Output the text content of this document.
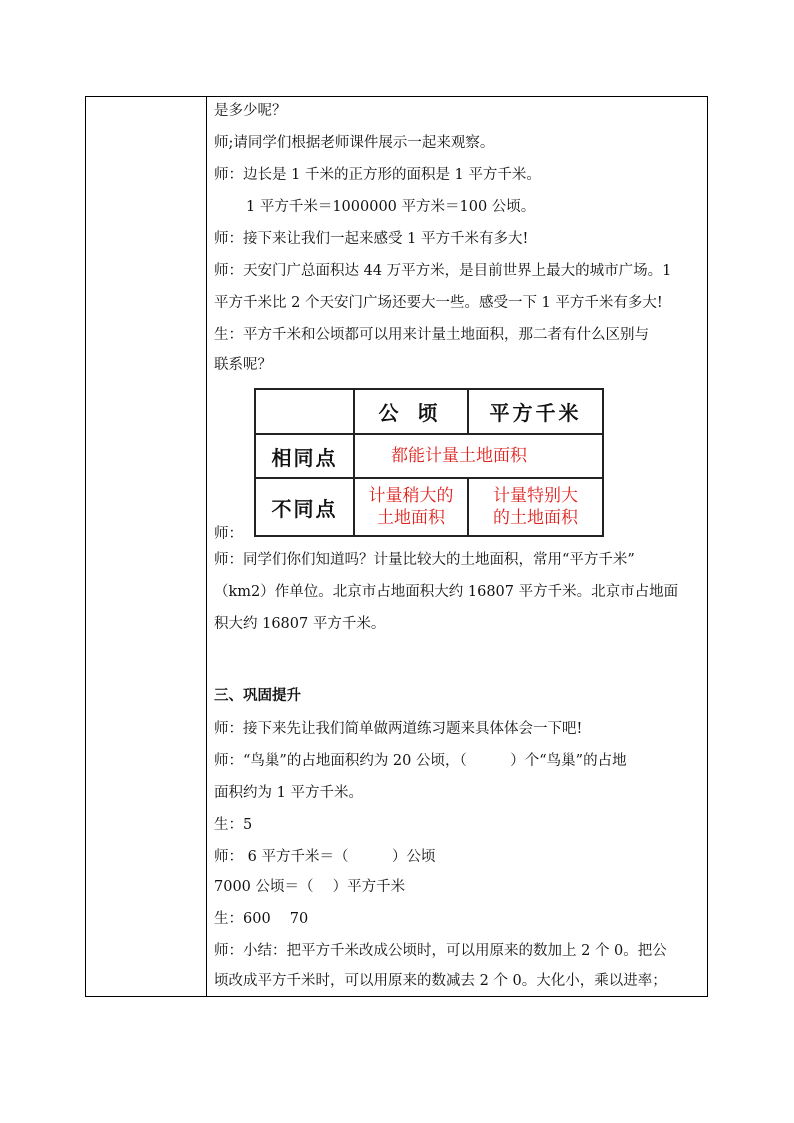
是多少呢？
师;请同学们根据老师课件展示一起来观察。
师：边长是 1 千米的正方形的面积是 1 平方千米。
1 平方千米＝1000000 平方米＝100 公顷。
师：接下来让我们一起来感受 1 平方千米有多大!
师：天安门广总面积达 44 万平方米，是目前世界上最大的城市广场。1
平方千米比 2 个天安门广场还要大一些。感受一下 1 平方千米有多大!
生：平方千米和公顷都可以用来计量土地面积，那二者有什么区别与
联系呢？
师：
师：同学们你们知道吗？计量比较大的土地面积，常用“平方千米”
（km2）作单位。北京市占地面积大约 16807 平方千米。北京市占地面
积大约 16807 平方千米。
三、巩固提升
师：接下来先让我们简单做两道练习题来具体体会一下吧!
师：“鸟巢”的占地面积约为 20 公顷，（　　　）个“鸟巢”的占地
面积约为 1 平方千米。
生：5
师： 6 平方千米＝（　　　）公顷
7000 公顷＝（　 ）平方千米
生：600　 70
师：小结：把平方千米改成公顷时，可以用原来的数加上 2 个 0。把公
顷改成平方千米时，可以用原来的数减去 2 个 0。大化小，乘以进率；
公 顷	平方千米
相同点	都能计量土地面积
不同点
计量稍大的
土地面积
计量特别大
的土地面积
